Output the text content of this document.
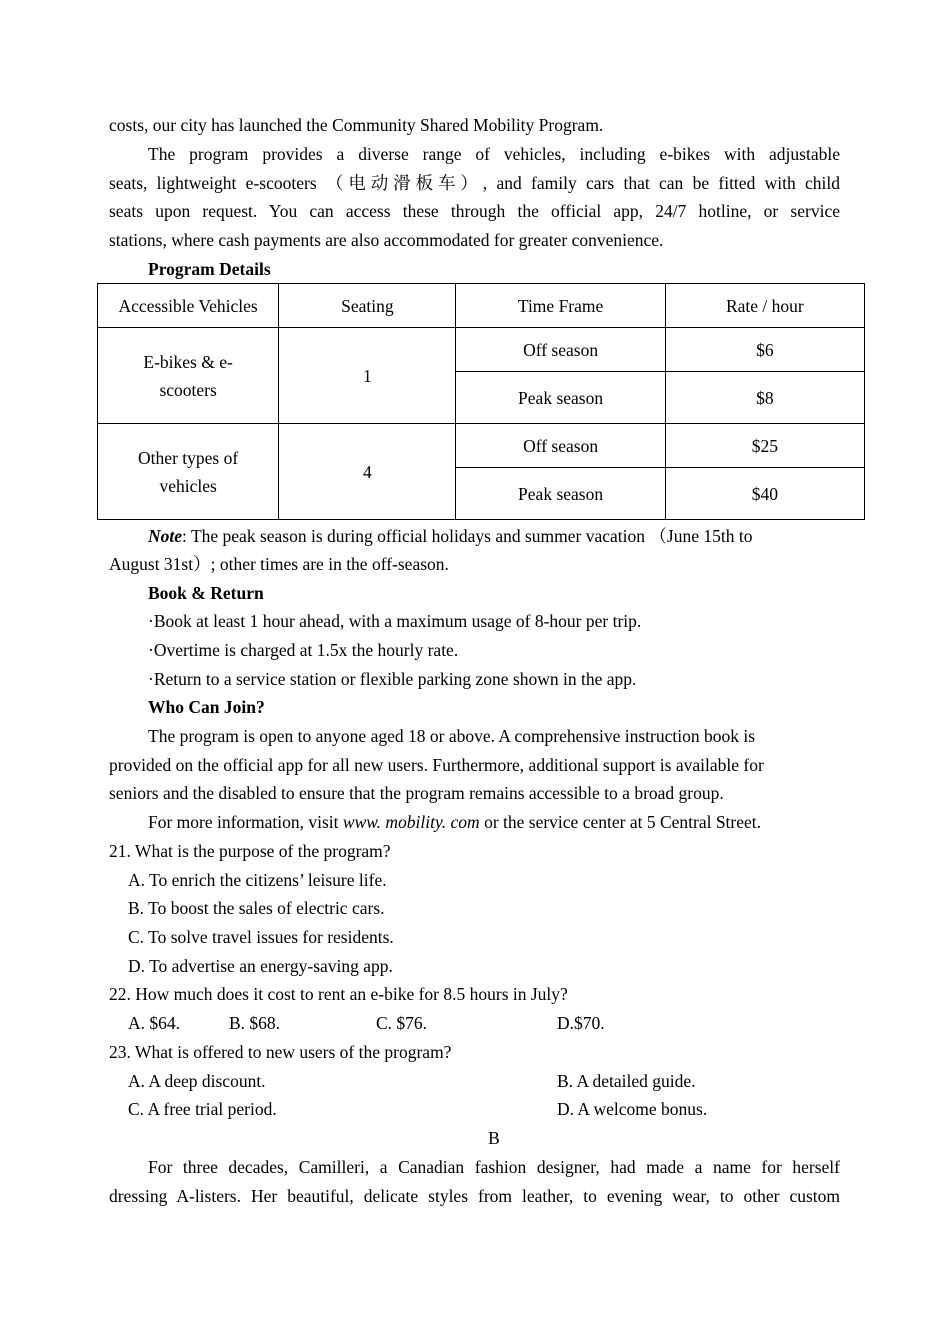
costs, our city has launched the Community Shared Mobility Program.
The program provides a diverse range of vehicles, including e-bikes with adjustable
seats, lightweight e-scooters （电动滑板车）, and family cars that can be fitted with child
seats upon request. You can access these through the official app, 24/7 hotline, or service
stations, where cash payments are also accommodated for greater convenience.
Program Details
Accessible Vehicles	Seating	Time Frame	Rate / hour
E-bikes & e-scooters	1	Off season	$6
		Peak season	$8
Other types of vehicles	4	Off season	$25
		Peak season	$40
Note: The peak season is during official holidays and summer vacation （June 15th to
August 31st）; other times are in the off-season.
Book & Return
·Book at least 1 hour ahead, with a maximum usage of 8-hour per trip.
·Overtime is charged at 1.5x the hourly rate.
·Return to a service station or flexible parking zone shown in the app.
Who Can Join?
The program is open to anyone aged 18 or above. A comprehensive instruction book is
provided on the official app for all new users. Furthermore, additional support is available for
seniors and the disabled to ensure that the program remains accessible to a broad group.
For more information, visit www. mobility. com or the service center at 5 Central Street.
21. What is the purpose of the program?
A. To enrich the citizens’ leisure life.
B. To boost the sales of electric cars.
C. To solve travel issues for residents.
D. To advertise an energy-saving app.
22. How much does it cost to rent an e-bike for 8.5 hours in July?
A. $64.	B. $68.	C. $76.	D.$70.
23. What is offered to new users of the program?
A. A deep discount.	B. A detailed guide.
C. A free trial period.	D. A welcome bonus.
B
For three decades, Camilleri, a Canadian fashion designer, had made a name for herself
dressing A-listers. Her beautiful, delicate styles from leather, to evening wear, to other custom
